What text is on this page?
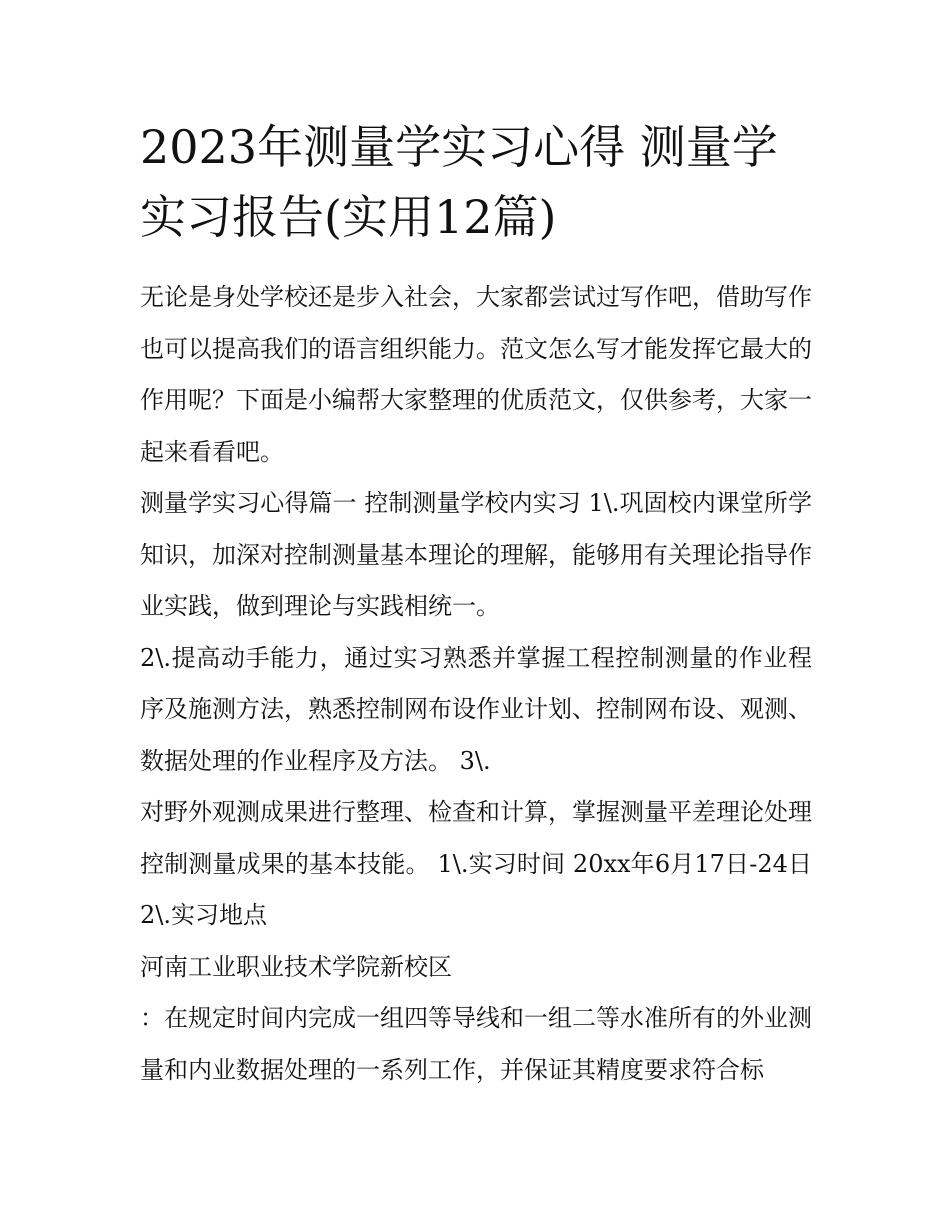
2023年测量学实习心得 测量学实习报告(实用12篇)

无论是身处学校还是步入社会，大家都尝试过写作吧，借助写作也可以提高我们的语言组织能力。范文怎么写才能发挥它最大的作用呢？下面是小编帮大家整理的优质范文，仅供参考，大家一起来看看吧。

测量学实习心得篇一 控制测量学校内实习 1\.巩固校内课堂所学知识，加深对控制测量基本理论的理解，能够用有关理论指导作业实践，做到理论与实践相统一。

2\.提高动手能力，通过实习熟悉并掌握工程控制测量的作业程序及施测方法，熟悉控制网布设作业计划、控制网布设、观测、数据处理的作业程序及方法。 3\.

对野外观测成果进行整理、检查和计算，掌握测量平差理论处理控制测量成果的基本技能。 1\.实习时间 20xx年6月17日-24日 2\.实习地点

河南工业职业技术学院新校区

：在规定时间内完成一组四等导线和一组二等水准所有的外业测量和内业数据处理的一系列工作，并保证其精度要求符合标
